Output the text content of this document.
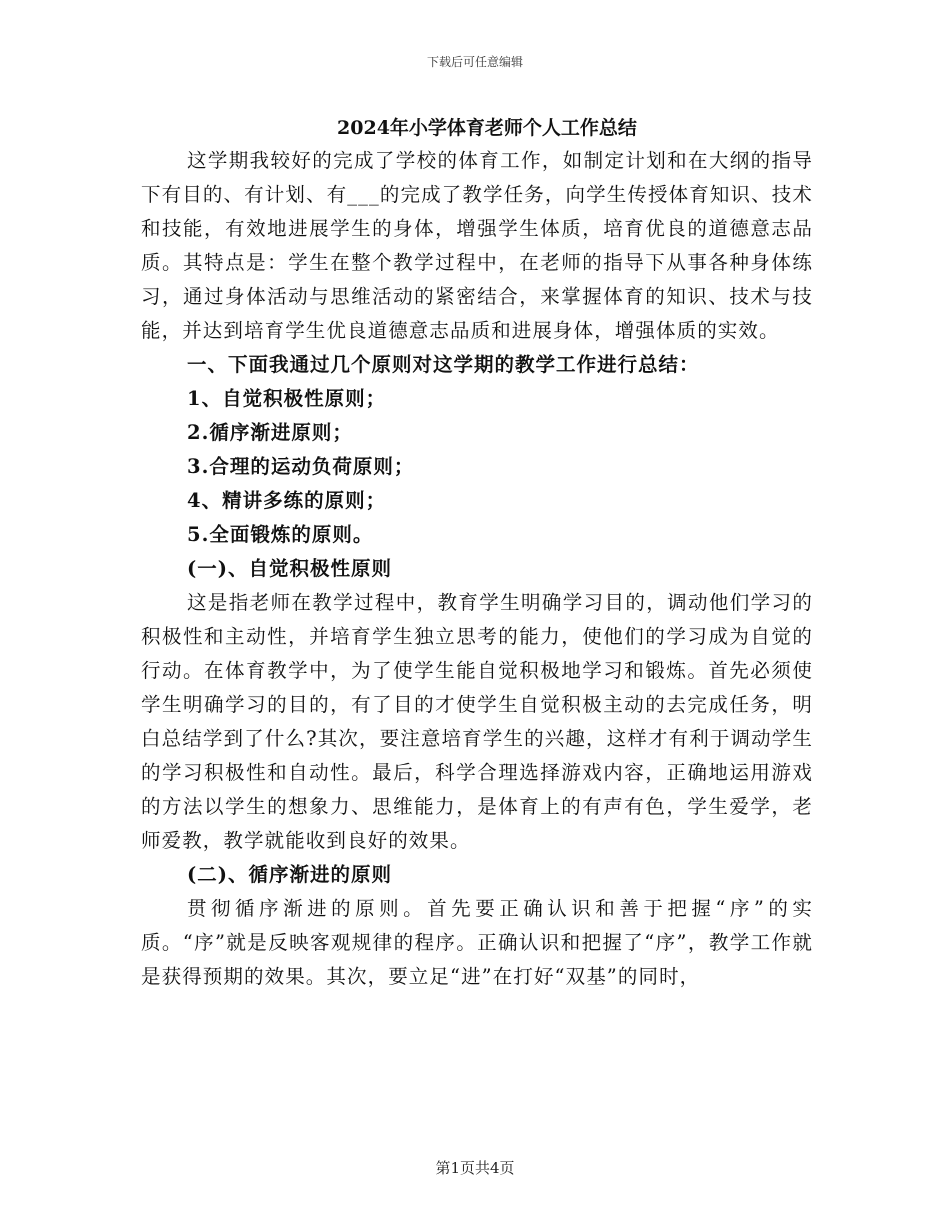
下载后可任意编辑
2024年小学体育老师个人工作总结

这学期我较好的完成了学校的体育工作，如制定计划和在大纲的指导下有目的、有计划、有___的完成了教学任务，向学生传授体育知识、技术和技能，有效地进展学生的身体，增强学生体质，培育优良的道德意志品质。其特点是：学生在整个教学过程中，在老师的指导下从事各种身体练习，通过身体活动与思维活动的紧密结合，来掌握体育的知识、技术与技能，并达到培育学生优良道德意志品质和进展身体，增强体质的实效。

一、下面我通过几个原则对这学期的教学工作进行总结：

1、自觉积极性原则；

2.循序渐进原则；

3.合理的运动负荷原则；

4、精讲多练的原则；

5.全面锻炼的原则。

(一)、自觉积极性原则

这是指老师在教学过程中，教育学生明确学习目的，调动他们学习的积极性和主动性，并培育学生独立思考的能力，使他们的学习成为自觉的行动。在体育教学中，为了使学生能自觉积极地学习和锻炼。首先必须使学生明确学习的目的，有了目的才使学生自觉积极主动的去完成任务，明白总结学到了什么?其次，要注意培育学生的兴趣，这样才有利于调动学生的学习积极性和自动性。最后，科学合理选择游戏内容，正确地运用游戏的方法以学生的想象力、思维能力，是体育上的有声有色，学生爱学，老师爱教，教学就能收到良好的效果。

(二)、循序渐进的原则

贯彻循序渐进的原则。首先要正确认识和善于把握“序”的实质。“序”就是反映客观规律的程序。正确认识和把握了“序”，教学工作就是获得预期的效果。其次，要立足“进”在打好“双基”的同时，

第1页共4页
